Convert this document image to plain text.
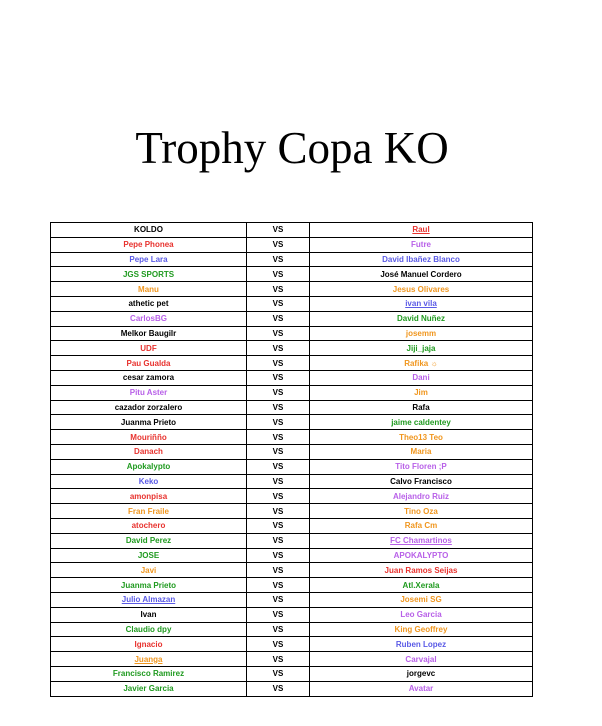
Trophy Copa KO
KOLDO	VS	Raul
Pepe Phonea	VS	Futre
Pepe Lara	VS	David Ibañez Blanco
JGS SPORTS	VS	José Manuel Cordero
Manu	VS	Jesus Olivares
athetic pet	VS	ivan vila
CarlosBG	VS	David Nuñez
Melkor Baugilr	VS	josemm
UDF	VS	Jiji_jaja
Pau Gualda	VS	Rafika ☼
cesar zamora	VS	Dani
Pitu Aster	VS	Jim
cazador zorzalero	VS	Rafa
Juanma Prieto	VS	jaime caldentey
Mouriñño	VS	Theo13 Teo
Danach	VS	Maria
Apokalypto	VS	Tito Floren ;P
Keko	VS	Calvo Francisco
amonpisa	VS	Alejandro Ruiz
Fran Fraile	VS	Tino Oza
atochero	VS	Rafa Cm
David Perez	VS	FC Chamartinos
JOSE	VS	APOKALYPTO
Javi	VS	Juan Ramos Seijas
Juanma Prieto	VS	Atl.Xerala
Julio Almazan	VS	Josemi SG
Ivan	VS	Leo Garcia
Claudio dpy	VS	King Geoffrey
Ignacio	VS	Ruben Lopez
Juanga	VS	Carvajal
Francisco Ramirez	VS	jorgevc
Javier Garcia	VS	Avatar
